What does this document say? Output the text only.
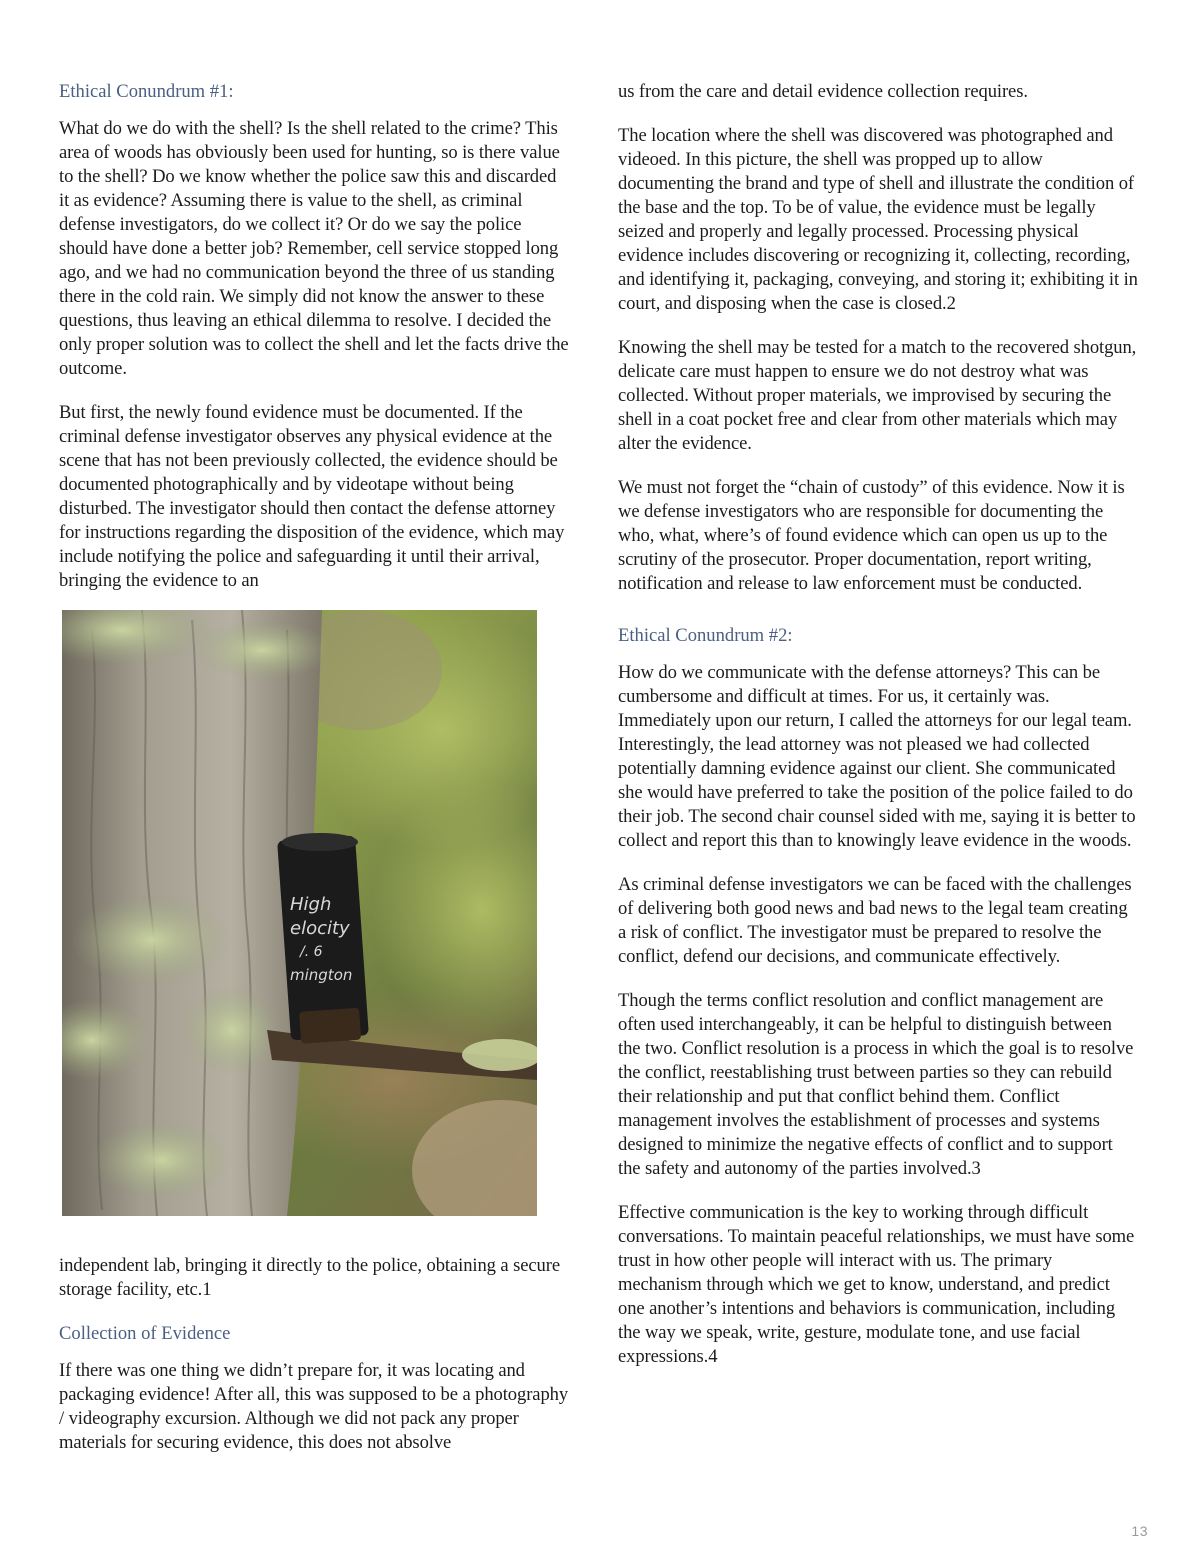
Ethical Conundrum #1:

What do we do with the shell? Is the shell related to the crime? This area of woods has obviously been used for hunting, so is there value to the shell? Do we know whether the police saw this and discarded it as evidence? Assuming there is value to the shell, as criminal defense investigators, do we collect it? Or do we say the police should have done a better job? Remember, cell service stopped long ago, and we had no communication beyond the three of us standing there in the cold rain. We simply did not know the answer to these questions, thus leaving an ethical dilemma to resolve. I decided the only proper solution was to collect the shell and let the facts drive the outcome.

But first, the newly found evidence must be documented. If the criminal defense investigator observes any physical evidence at the scene that has not been previously collected, the evidence should be documented photographically and by videotape without being disturbed. The investigator should then contact the defense attorney for instructions regarding the disposition of the evidence, which may include notifying the police and safeguarding it until their arrival, bringing the evidence to an

High
elocity
/. 6
mington

independent lab, bringing it directly to the police, obtaining a secure storage facility, etc.1

Collection of Evidence

If there was one thing we didn’t prepare for, it was locating and packaging evidence! After all, this was supposed to be a photography / videography excursion. Although we did not pack any proper materials for securing evidence, this does not absolve

us from the care and detail evidence collection requires.

The location where the shell was discovered was photographed and videoed. In this picture, the shell was propped up to allow documenting the brand and type of shell and illustrate the condition of the base and the top. To be of value, the evidence must be legally seized and properly and legally processed. Processing physical evidence includes discovering or recognizing it, collecting, recording, and identifying it, packaging, conveying, and storing it; exhibiting it in court, and disposing when the case is closed.2

Knowing the shell may be tested for a match to the recovered shotgun, delicate care must happen to ensure we do not destroy what was collected. Without proper materials, we improvised by securing the shell in a coat pocket free and clear from other materials which may alter the evidence.

We must not forget the “chain of custody” of this evidence. Now it is we defense investigators who are responsible for documenting the who, what, where’s of found evidence which can open us up to the scrutiny of the prosecutor. Proper documentation, report writing, notification and release to law enforcement must be conducted.

Ethical Conundrum #2:

How do we communicate with the defense attorneys? This can be cumbersome and difficult at times. For us, it certainly was. Immediately upon our return, I called the attorneys for our legal team. Interestingly, the lead attorney was not pleased we had collected potentially damning evidence against our client. She communicated she would have preferred to take the position of the police failed to do their job. The second chair counsel sided with me, saying it is better to collect and report this than to knowingly leave evidence in the woods.

As criminal defense investigators we can be faced with the challenges of delivering both good news and bad news to the legal team creating a risk of conflict. The investigator must be prepared to resolve the conflict, defend our decisions, and communicate effectively.

Though the terms conflict resolution and conflict management are often used interchangeably, it can be helpful to distinguish between the two. Conflict resolution is a process in which the goal is to resolve the conflict, reestablishing trust between parties so they can rebuild their relationship and put that conflict behind them. Conflict management involves the establishment of processes and systems designed to minimize the negative effects of conflict and to support the safety and autonomy of the parties involved.3

Effective communication is the key to working through difficult conversations. To maintain peaceful relationships, we must have some trust in how other people will interact with us. The primary mechanism through which we get to know, understand, and predict one another’s intentions and behaviors is communication, including the way we speak, write, gesture, modulate tone, and use facial expressions.4

13
